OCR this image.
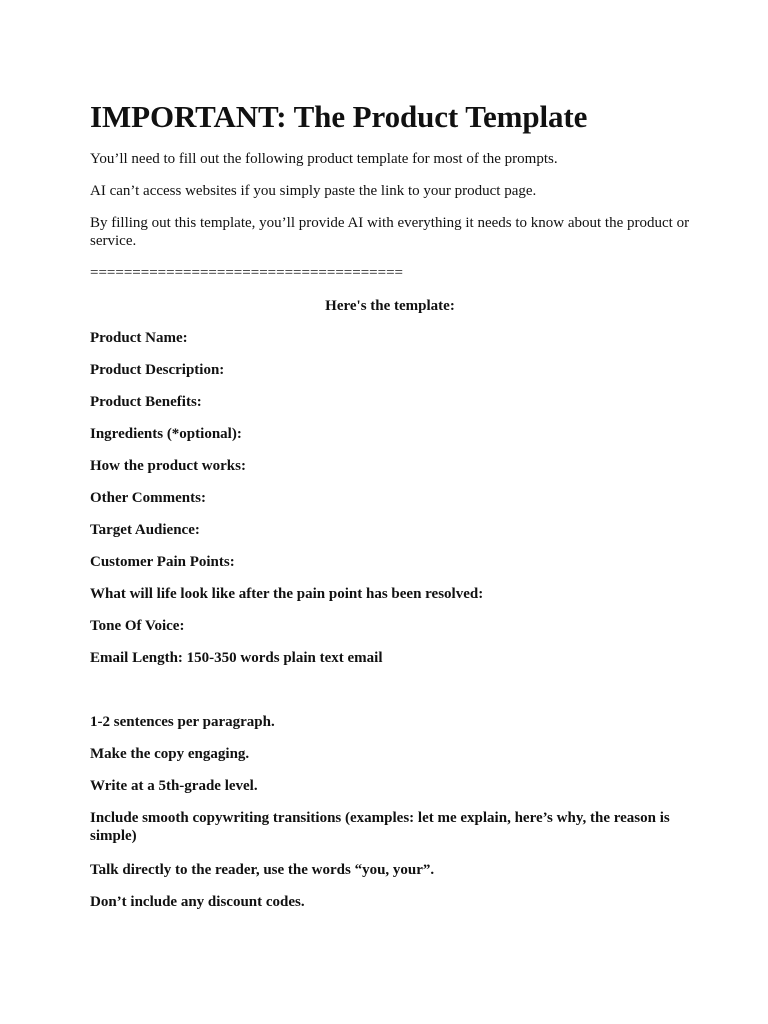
IMPORTANT: The Product Template

You’ll need to fill out the following product template for most of the prompts.

AI can’t access websites if you simply paste the link to your product page.

By filling out this template, you’ll provide AI with everything it needs to know about the product or service.

=====================================

Here's the template:

Product Name:

Product Description:

Product Benefits:

Ingredients (*optional):

How the product works:

Other Comments:

Target Audience:

Customer Pain Points:

What will life look like after the pain point has been resolved:

Tone Of Voice:

Email Length: 150-350 words plain text email

1-2 sentences per paragraph.

Make the copy engaging.

Write at a 5th-grade level.

Include smooth copywriting transitions (examples: let me explain, here’s why, the reason is simple)

Talk directly to the reader, use the words “you, your”.

Don’t include any discount codes.
